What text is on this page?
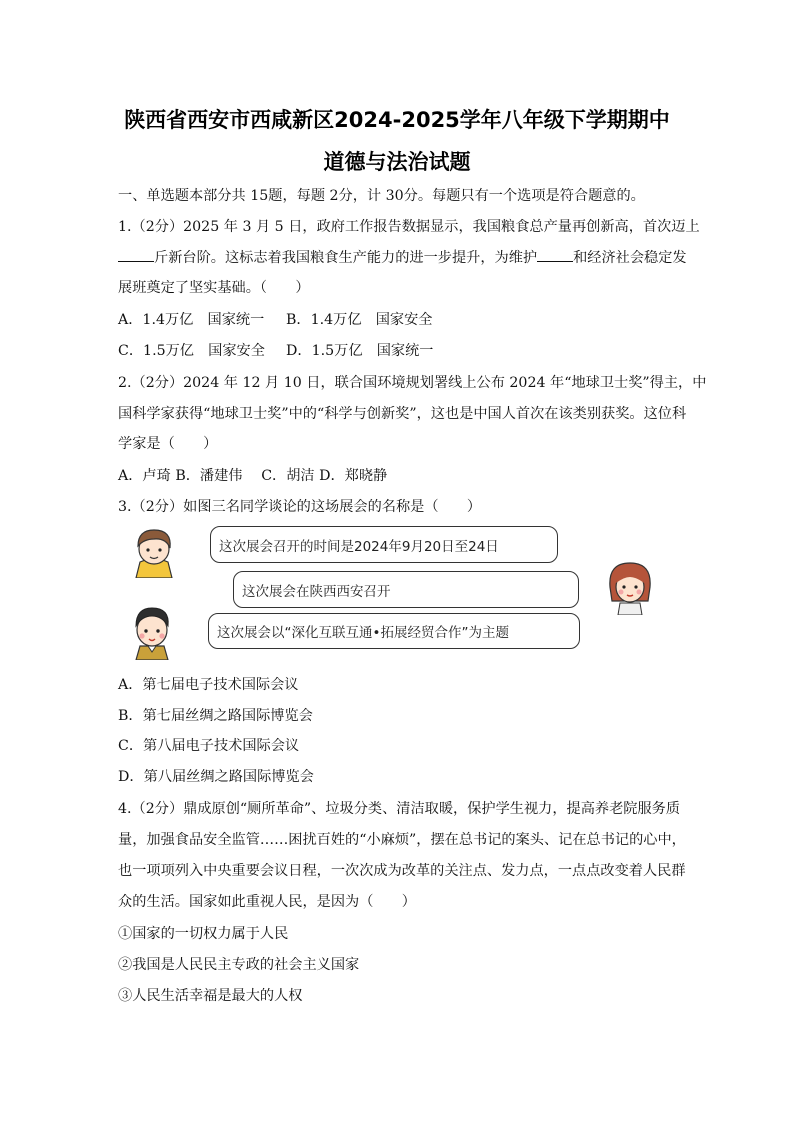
陕西省西安市西咸新区2024-2025学年八年级下学期期中
道德与法治试题
一、单选题本部分共 15题，每题 2分，计 30分。每题只有一个选项是符合题意的。
1.（2分）2025 年 3 月 5 日，政府工作报告数据显示，我国粮食总产量再创新高，首次迈上
斤新台阶。这标志着我国粮食生产能力的进一步提升，为维护	和经济社会稳定发
展班奠定了坚实基础。（　　）
A．1.4万亿　国家统一 B．1.4万亿　国家安全
C．1.5万亿　国家安全 D．1.5万亿　国家统一
2.（2分）2024 年 12 月 10 日，联合国环境规划署线上公布 2024 年“地球卫士奖”得主，中
国科学家获得“地球卫士奖”中的“科学与创新奖”，这也是中国人首次在该类别获奖。这位科
学家是（　　）
A．卢琦 B．潘建伟　 C．胡洁 D．郑晓静
3.（2分）如图三名同学谈论的这场展会的名称是（　　）
这次展会召开的时间是2024年9月20日至24日
这次展会在陕西西安召开
这次展会以“深化互联互通•拓展经贸合作”为主题
A．第七届电子技术国际会议
B．第七届丝绸之路国际博览会
C．第八届电子技术国际会议
D．第八届丝绸之路国际博览会
4.（2分）鼎成原创“厕所革命”、垃圾分类、清洁取暖，保护学生视力，提高养老院服务质
量，加强食品安全监管……困扰百姓的“小麻烦”，摆在总书记的案头、记在总书记的心中，
也一项项列入中央重要会议日程，一次次成为改革的关注点、发力点，一点点改变着人民群
众的生活。国家如此重视人民，是因为（　　）
①国家的一切权力属于人民
②我国是人民民主专政的社会主义国家
③人民生活幸福是最大的人权
